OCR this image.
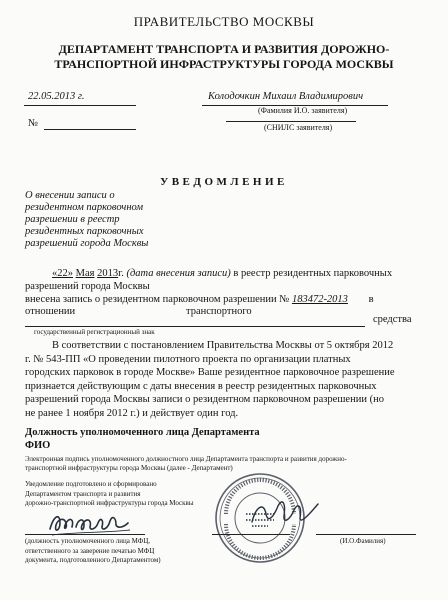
ПРАВИТЕЛЬСТВО МОСКВЫ
ДЕПАРТАМЕНТ ТРАНСПОРТА И РАЗВИТИЯ ДОРОЖНО-
ТРАНСПОРТНОЙ ИНФРАСТРУКТУРЫ ГОРОДА МОСКВЫ
22.05.2013 г.	Колодочкин Михаил Владимирович
(Фамилия И.О. заявителя)
№	(СНИЛС заявителя)
УВЕДОМЛЕНИЕ
О внесении записи о
резидентном парковочном
разрешении в реестр
резидентных парковочных
разрешений города Москвы
«22» Мая 2013г. (дата внесения записи) в реестр резидентных парковочных
разрешений города Москвы
внесена запись о резидентном парковочном разрешении № 183472-2013 в
отношении	транспортного
средства
государственный регистрационный знак
В соответствии с постановлением Правительства Москвы от 5 октября 2012
г. № 543-ПП «О проведении пилотного проекта по организации платных
городских парковок в городе Москве» Ваше резидентное парковочное разрешение
признается действующим с даты внесения в реестр резидентных парковочных
разрешений города Москвы записи о резидентном парковочном разрешении (но
не ранее 1 ноября 2012 г.) и действует один год.
Должность уполномоченного лица Департамента
ФИО
Электронная подпись уполномоченного должностного лица Департамента транспорта и развития дорожно-
транспортной инфраструктуры города Москвы (далее - Департамент)
Уведомление подготовлено и сформировано
Департаментом транспорта и развития
дорожно-транспортной инфраструктуры города Москвы
(должность уполномоченного лица МФЦ,
ответственного за заверение печатью МФЦ
документа, подготовленного Департаментом)
(И.О.Фамилия)
